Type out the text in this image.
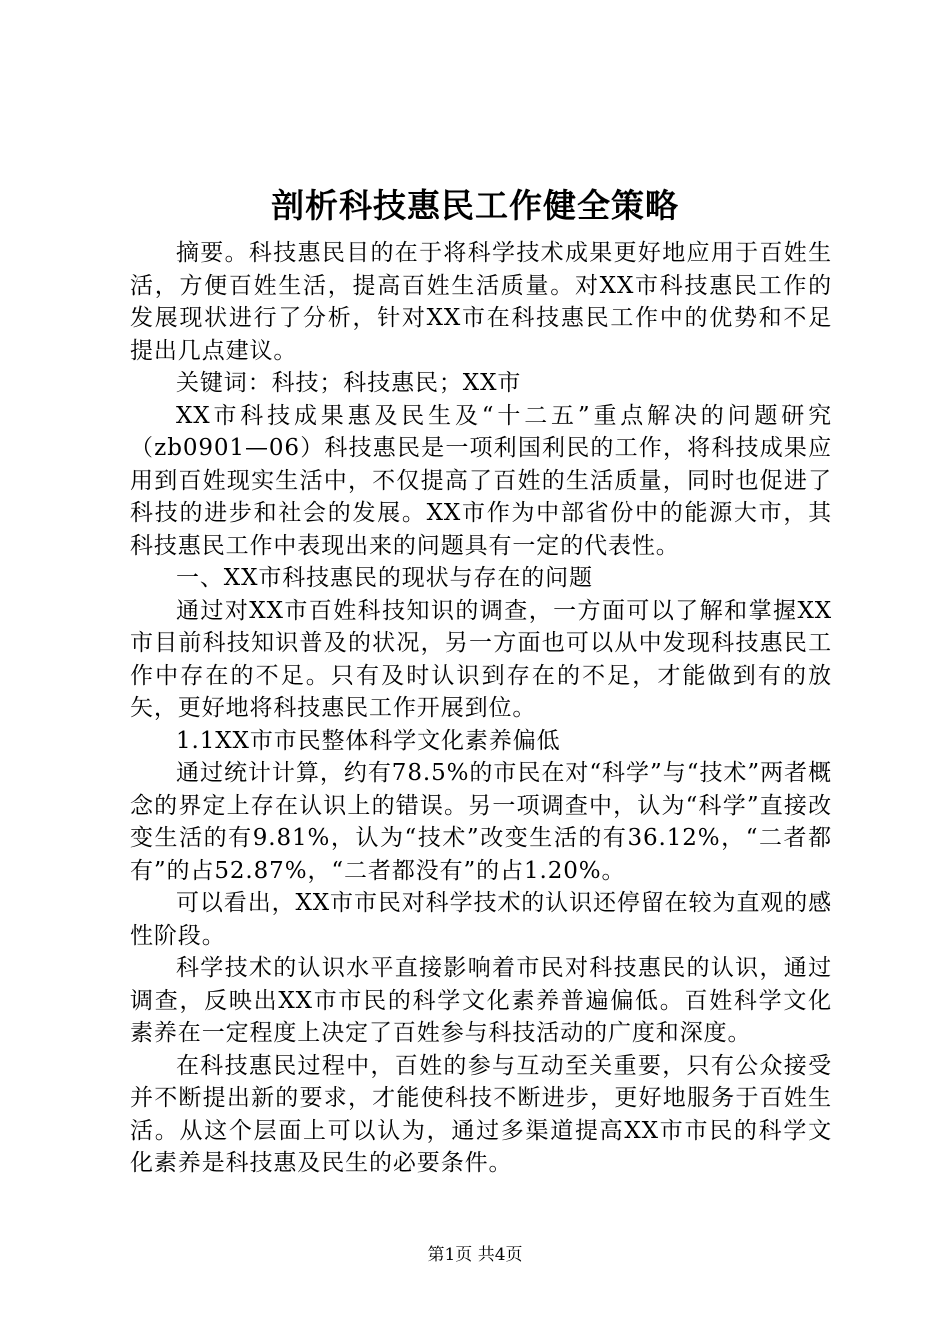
剖析科技惠民工作健全策略

摘要。科技惠民目的在于将科学技术成果更好地应用于百姓生活，方便百姓生活，提高百姓生活质量。对XX市科技惠民工作的发展现状进行了分析，针对XX市在科技惠民工作中的优势和不足提出几点建议。

关键词：科技；科技惠民；XX市

XX市科技成果惠及民生及“十二五”重点解决的问题研究（zb0901—06）科技惠民是一项利国利民的工作，将科技成果应用到百姓现实生活中，不仅提高了百姓的生活质量，同时也促进了科技的进步和社会的发展。XX市作为中部省份中的能源大市，其科技惠民工作中表现出来的问题具有一定的代表性。

一、XX市科技惠民的现状与存在的问题

通过对XX市百姓科技知识的调查，一方面可以了解和掌握XX市目前科技知识普及的状况，另一方面也可以从中发现科技惠民工作中存在的不足。只有及时认识到存在的不足，才能做到有的放矢，更好地将科技惠民工作开展到位。

1.1XX市市民整体科学文化素养偏低

通过统计计算，约有78.5%的市民在对“科学”与“技术”两者概念的界定上存在认识上的错误。另一项调查中，认为“科学”直接改变生活的有9.81%，认为“技术”改变生活的有36.12%，“二者都有”的占52.87%，“二者都没有”的占1.20%。

可以看出，XX市市民对科学技术的认识还停留在较为直观的感性阶段。

科学技术的认识水平直接影响着市民对科技惠民的认识，通过调查，反映出XX市市民的科学文化素养普遍偏低。百姓科学文化素养在一定程度上决定了百姓参与科技活动的广度和深度。

在科技惠民过程中，百姓的参与互动至关重要，只有公众接受并不断提出新的要求，才能使科技不断进步，更好地服务于百姓生活。从这个层面上可以认为，通过多渠道提高XX市市民的科学文化素养是科技惠及民生的必要条件。

第1页 共4页
